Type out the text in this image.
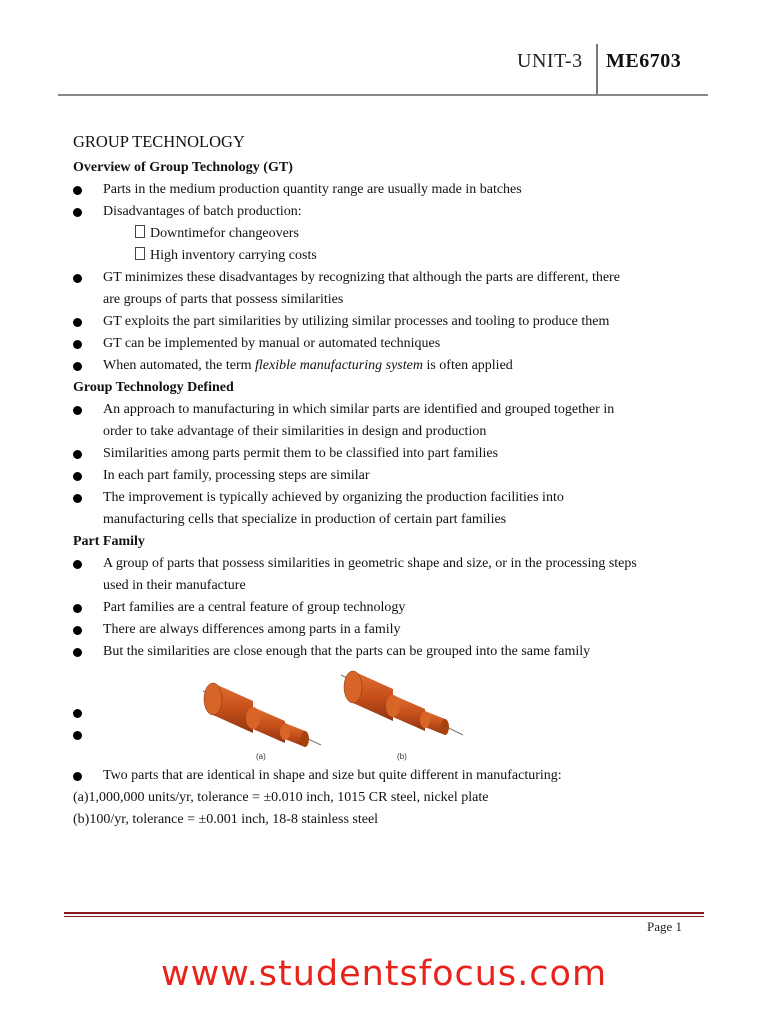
UNIT-3 ME6703
GROUP TECHNOLOGY
Overview of Group Technology (GT)
Parts in the medium production quantity range are usually made in batches
Disadvantages of batch production:
Downtimefor changeovers
High inventory carrying costs
GT minimizes these disadvantages by recognizing that although the parts are different, there
are groups of parts that possess similarities
GT exploits the part similarities by utilizing similar processes and tooling to produce them
GT can be implemented by manual or automated techniques
When automated, the term flexible manufacturing system is often applied
Group Technology Defined
An approach to manufacturing in which similar parts are identified and grouped together in
order to take advantage of their similarities in design and production
Similarities among parts permit them to be classified into part families
In each part family, processing steps are similar
The improvement is typically achieved by organizing the production facilities into
manufacturing cells that specialize in production of certain part families
Part Family
A group of parts that possess similarities in geometric shape and size, or in the processing steps
used in their manufacture
Part families are a central feature of group technology
There are always differences among parts in a family
But the similarities are close enough that the parts can be grouped into the same family
(a)	(b)
Two parts that are identical in shape and size but quite different in manufacturing:
(a)1,000,000 units/yr, tolerance = ±0.010 inch, 1015 CR steel, nickel plate
(b)100/yr, tolerance = ±0.001 inch, 18-8 stainless steel
Page 1
www.studentsfocus.com
